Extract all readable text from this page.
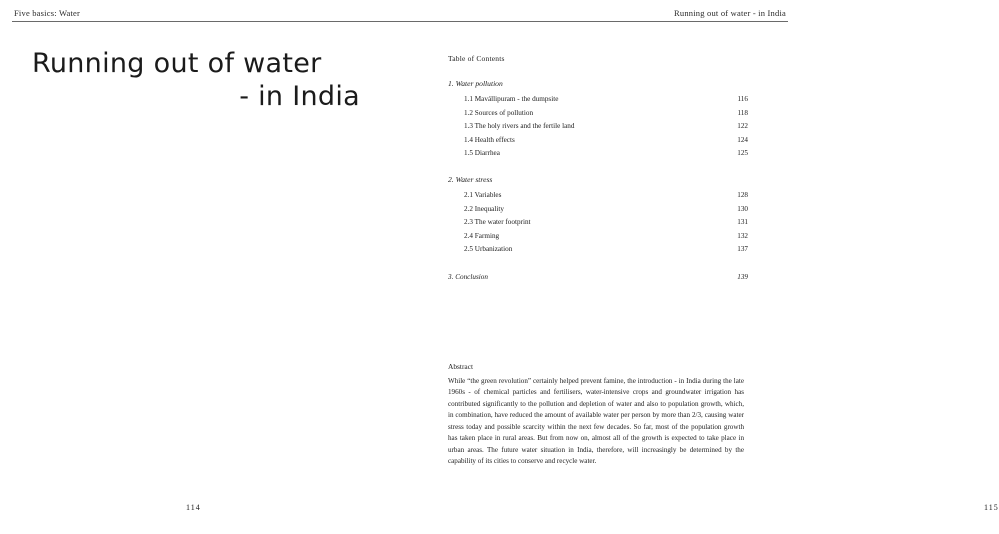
Five basics: Water	Running out of water - in India
Running out of water
- in India
114
Table of Contents
1. Water pollution
1.1 Mavállipuram - the dumpsite	116
1.2 Sources of pollution	118
1.3 The holy rivers and the fertile land	122
1.4 Health effects	124
1.5 Diarrhea	125
2. Water stress
2.1 Variables	128
2.2 Inequality	130
2.3 The water footprint	131
2.4 Farming	132
2.5 Urbanization	137
3. Conclusion	139
Abstract
While “the green revolution” certainly helped prevent famine, the introduction - in India during the late 1960s - of chemical particles and fertilisers, water-intensive crops and groundwater irrigation has contributed significantly to the pollution and depletion of water and also to population growth, which, in combination, have reduced the amount of available water per person by more than 2/3, causing water stress today and possible scarcity within the next few decades. So far, most of the population growth has taken place in rural areas. But from now on, almost all of the growth is expected to take place in urban areas. The future water situation in India, therefore, will increasingly be determined by the capability of its cities to conserve and recycle water.
115
